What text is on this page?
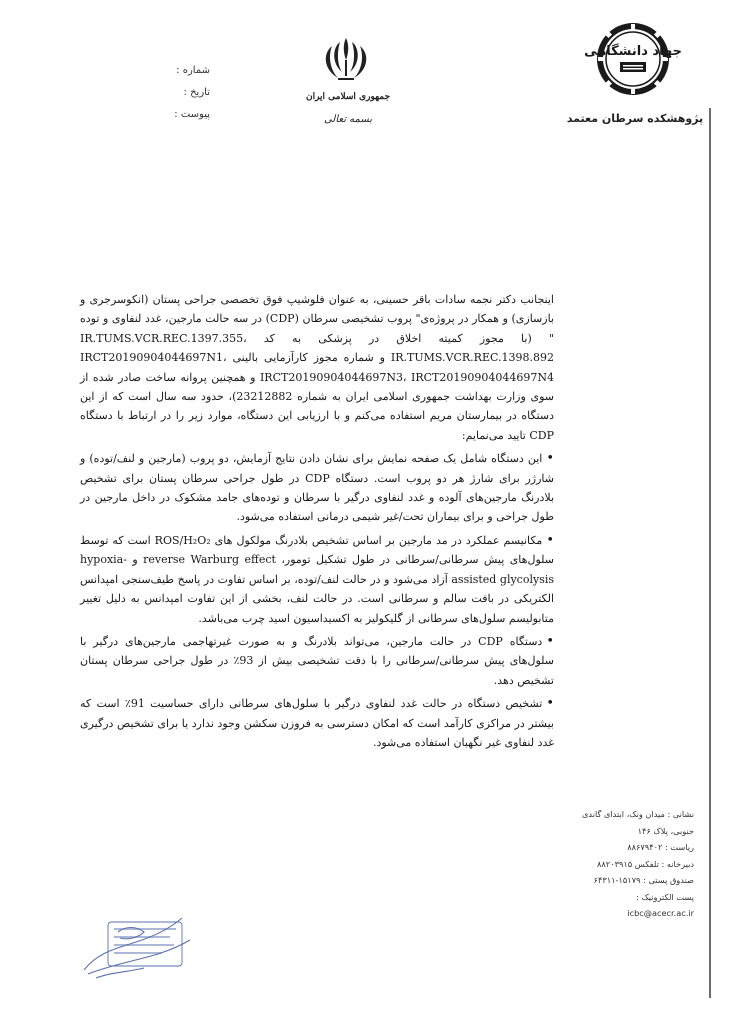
شماره :
تاریخ :
پیوست :
جمهوری اسلامی ایران
بسمه تعالی
جهاد دانشگاهی
پژوهشکده سرطان معتمد

اینجانب دکتر نجمه سادات باقر حسینی، به عنوان فلوشیپ فوق تخصصی جراحی پستان (انکوسرجری و بازسازی) و همکار در پروژه‌ی" پروب تشخیصی سرطان (CDP) در سه حالت مارجین، غدد لنفاوی و توده " (با مجوز کمیته اخلاق در پزشکی به کد IR.TUMS.VCR.REC.1397.355، IR.TUMS.VCR.REC.1398.892 و شماره مجوز کارآزمایی بالینی IRCT20190904044697N1، IRCT20190904044697N3، IRCT20190904044697N4 و همچنین پروانه ساخت صادر شده از سوی وزارت بهداشت جمهوری اسلامی ایران به شماره 23212882)، حدود سه سال است که از این دستگاه در بیمارستان مریم استفاده می‌کنم و با ارزیابی این دستگاه، موارد زیر را در ارتباط با دستگاه CDP تایید می‌نمایم:

•این دستگاه شامل یک صفحه نمایش برای نشان دادن نتایج آزمایش، دو پروب (مارجین و لنف/توده) و شارژر برای شارژ هر دو پروب است. دستگاه CDP در طول جراحی سرطان پستان برای تشخیص بلادرنگ مارجین‌های آلوده و غدد لنفاوی درگیر با سرطان و توده‌های جامد مشکوک در داخل مارجین در طول جراحی و برای بیماران تحت/غیر شیمی درمانی استفاده می‌شود.

•مکانیسم عملکرد در مد مارجین بر اساس تشخیص بلادرنگ مولکول های ROS/H₂O₂ است که توسط سلول‌های پیش سرطانی/سرطانی در طول تشکیل تومور، reverse Warburg effect و hypoxia-assisted glycolysis آزاد می‌شود و در حالت لنف/توده، بر اساس تفاوت در پاسخ طیف‌سنجی امپدانس الکتریکی در بافت سالم و سرطانی است. در حالت لنف، بخشی از این تفاوت امپدانس به دلیل تغییر متابولیسم سلول‌های سرطانی از گلیکولیز به اکسیداسیون اسید چرب می‌باشد.

•دستگاه CDP در حالت مارجین، می‌تواند بلادرنگ و به صورت غیرتهاجمی مارجین‌های درگیر با سلول‌های پیش سرطانی/سرطانی را با دقت تشخیصی بیش از 93٪ در طول جراحی سرطان پستان تشخیص دهد.

•تشخیص دستگاه در حالت غدد لنفاوی درگیر با سلول‌های سرطانی دارای حساسیت 91٪ است که بیشتر در مراکزی کارآمد است که امکان دسترسی به فروزن سکشن وجود ندارد یا برای تشخیص درگیری غدد لنفاوی غیر نگهبان استفاده می‌شود.

نشانی : میدان ونک، ابتدای گاندی
جنوبی، پلاک ۱۴۶
ریاست : ۸۸۶۷۹۴۰۲
دبیرخانه : تلفکس ۸۸۲۰۳۹۱۵
صندوق پستی : ۱۵۱۷۹-۶۴۳۱۱
پست الکترونیک :
icbc@acecr.ac.ir
